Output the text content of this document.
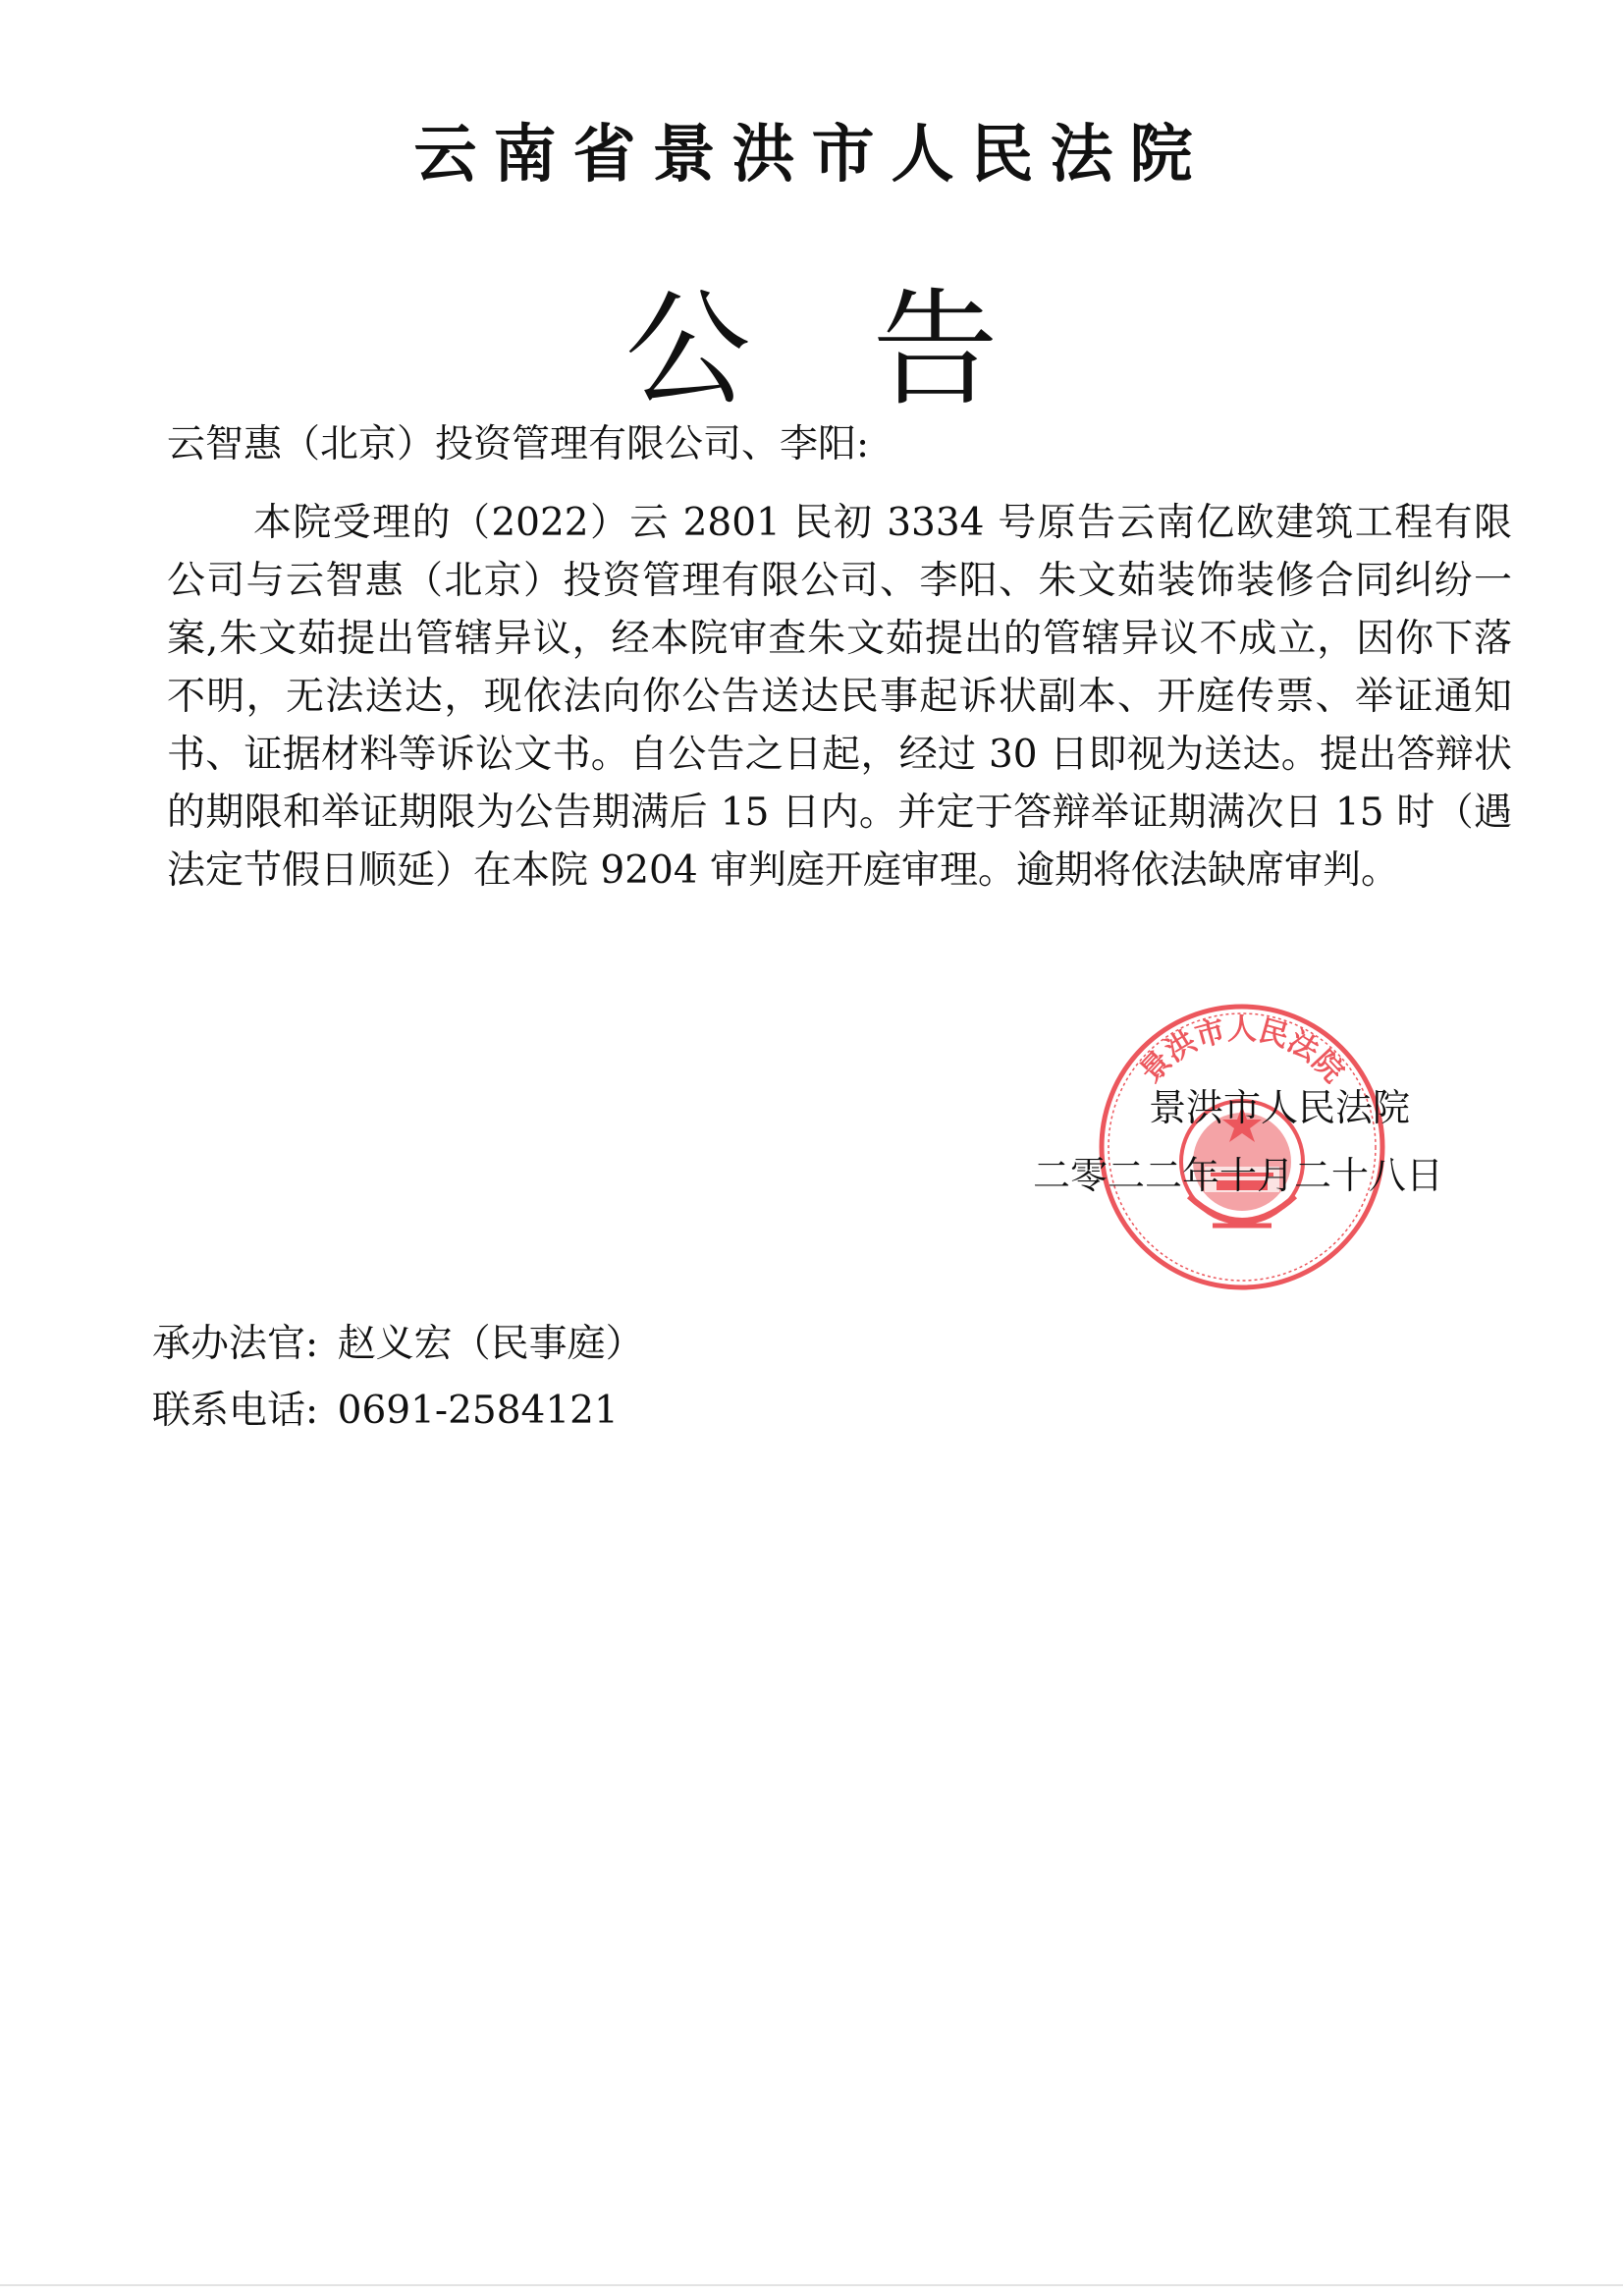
云南省景洪市人民法院
公 告
云智惠（北京）投资管理有限公司、李阳:

本院受理的（2022）云 2801 民初 3334 号原告云南亿欧建筑工程有限公司与云智惠（北京）投资管理有限公司、李阳、朱文茹装饰装修合同纠纷一案,朱文茹提出管辖异议，经本院审查朱文茹提出的管辖异议不成立，因你下落不明，无法送达，现依法向你公告送达民事起诉状副本、开庭传票、举证通知书、证据材料等诉讼文书。自公告之日起，经过 30 日即视为送达。提出答辩状的期限和举证期限为公告期满后 15 日内。并定于答辩举证期满次日 15 时（遇法定节假日顺延）在本院 9204 审判庭开庭审理。逾期将依法缺席审判。

景洪市人民法院
景洪市人民法院
二零二二年十月二十八日
承办法官:  赵义宏（民事庭）
联系电话:  0691-2584121
